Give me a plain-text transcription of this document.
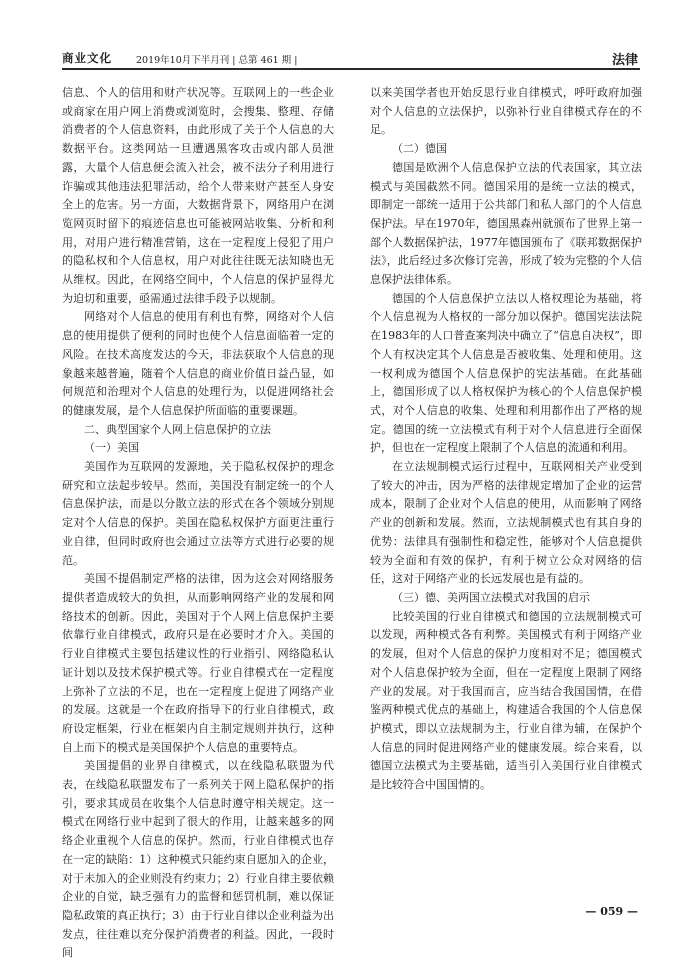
商业文化	2019年10月下半月刊 | 总第 461 期 |	法律

信息、个人的信用和财产状况等。互联网上的一些企业或商家在用户网上消费或浏览时，会搜集、整理、存储消费者的个人信息资料，由此形成了关于个人信息的大数据平台。这类网站一旦遭遇黑客攻击或内部人员泄露，大量个人信息便会流入社会，被不法分子利用进行诈骗或其他违法犯罪活动，给个人带来财产甚至人身安全上的危害。另一方面，大数据背景下，网络用户在浏览网页时留下的痕迹信息也可能被网站收集、分析和利用，对用户进行精准营销，这在一定程度上侵犯了用户的隐私权和个人信息权，用户对此往往既无法知晓也无从维权。因此，在网络空间中，个人信息的保护显得尤为迫切和重要，亟需通过法律手段予以规制。

网络对个人信息的使用有利也有弊，网络对个人信息的使用提供了便利的同时也使个人信息面临着一定的风险。在技术高度发达的今天，非法获取个人信息的现象越来越普遍，随着个人信息的商业价值日益凸显，如何规范和治理对个人信息的处理行为，以促进网络社会的健康发展，是个人信息保护所面临的重要课题。

二、典型国家个人网上信息保护的立法

（一）美国

美国作为互联网的发源地，关于隐私权保护的理念研究和立法起步较早。然而，美国没有制定统一的个人信息保护法，而是以分散立法的形式在各个领域分别规定对个人信息的保护。美国在隐私权保护方面更注重行业自律，但同时政府也会通过立法等方式进行必要的规范。

美国不提倡制定严格的法律，因为这会对网络服务提供者造成较大的负担，从而影响网络产业的发展和网络技术的创新。因此，美国对于个人网上信息保护主要依靠行业自律模式，政府只是在必要时才介入。美国的行业自律模式主要包括建议性的行业指引、网络隐私认证计划以及技术保护模式等。行业自律模式在一定程度上弥补了立法的不足，也在一定程度上促进了网络产业的发展。这就是一个在政府指导下的行业自律模式，政府设定框架，行业在框架内自主制定规则并执行，这种自上而下的模式是美国保护个人信息的重要特点。

美国提倡的业界自律模式，以在线隐私联盟为代表，在线隐私联盟发布了一系列关于网上隐私保护的指引，要求其成员在收集个人信息时遵守相关规定。这一模式在网络行业中起到了很大的作用，让越来越多的网络企业重视个人信息的保护。然而，行业自律模式也存在一定的缺陷：1）这种模式只能约束自愿加入的企业，对于未加入的企业则没有约束力；2）行业自律主要依赖企业的自觉，缺乏强有力的监督和惩罚机制，难以保证隐私政策的真正执行；3）由于行业自律以企业利益为出发点，往往难以充分保护消费者的利益。因此，一段时间

以来美国学者也开始反思行业自律模式，呼吁政府加强对个人信息的立法保护，以弥补行业自律模式存在的不足。

（二）德国

德国是欧洲个人信息保护立法的代表国家，其立法模式与美国截然不同。德国采用的是统一立法的模式，即制定一部统一适用于公共部门和私人部门的个人信息保护法。早在1970年，德国黑森州就颁布了世界上第一部个人数据保护法，1977年德国颁布了《联邦数据保护法》，此后经过多次修订完善，形成了较为完整的个人信息保护法律体系。

德国的个人信息保护立法以人格权理论为基础，将个人信息视为人格权的一部分加以保护。德国宪法法院在1983年的人口普查案判决中确立了“信息自决权”，即个人有权决定其个人信息是否被收集、处理和使用。这一权利成为德国个人信息保护的宪法基础。在此基础上，德国形成了以人格权保护为核心的个人信息保护模式，对个人信息的收集、处理和利用都作出了严格的规定。德国的统一立法模式有利于对个人信息进行全面保护，但也在一定程度上限制了个人信息的流通和利用。

在立法规制模式运行过程中，互联网相关产业受到了较大的冲击，因为严格的法律规定增加了企业的运营成本，限制了企业对个人信息的使用，从而影响了网络产业的创新和发展。然而，立法规制模式也有其自身的优势：法律具有强制性和稳定性，能够对个人信息提供较为全面和有效的保护，有利于树立公众对网络的信任，这对于网络产业的长远发展也是有益的。

（三）德、美两国立法模式对我国的启示

比较美国的行业自律模式和德国的立法规制模式可以发现，两种模式各有利弊。美国模式有利于网络产业的发展，但对个人信息的保护力度相对不足；德国模式对个人信息保护较为全面，但在一定程度上限制了网络产业的发展。对于我国而言，应当结合我国国情，在借鉴两种模式优点的基础上，构建适合我国的个人信息保护模式，即以立法规制为主，行业自律为辅，在保护个人信息的同时促进网络产业的健康发展。综合来看，以德国立法模式为主要基础，适当引入美国行业自律模式是比较符合中国国情的。

— 059 —
